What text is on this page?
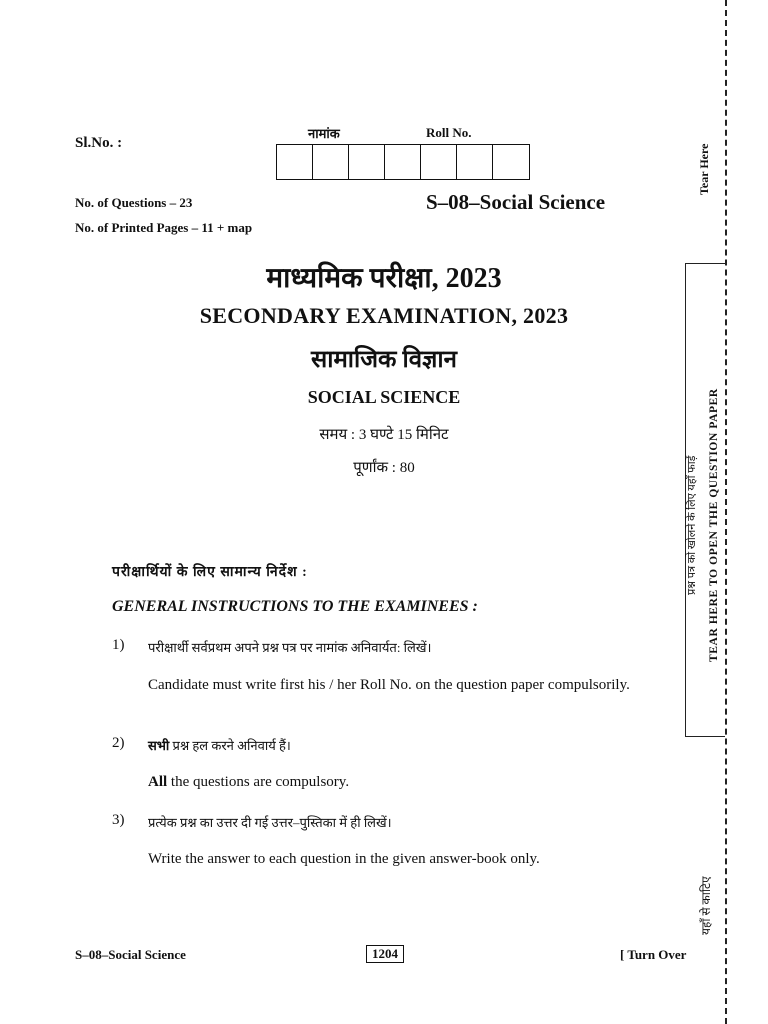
Sl.No. :
नामांक	Roll No.
No. of Questions – 23
No. of Printed Pages – 11 + map
S–08–Social Science
माध्यमिक परीक्षा, 2023
SECONDARY EXAMINATION, 2023
सामाजिक विज्ञान
SOCIAL SCIENCE
समय : 3 घण्टे 15 मिनिट
पूर्णांक : 80
परीक्षार्थियों के लिए सामान्य निर्देश :
GENERAL INSTRUCTIONS TO THE EXAMINEES :
1) परीक्षार्थी सर्वप्रथम अपने प्रश्न पत्र पर नामांक अनिवार्यत: लिखें।
Candidate must write first his / her Roll No. on the question paper compulsorily.
2) सभी प्रश्न हल करने अनिवार्य हैं।
All the questions are compulsory.
3) प्रत्येक प्रश्न का उत्तर दी गई उत्तर–पुस्तिका में ही लिखें।
Write the answer to each question in the given answer-book only.
S–08–Social Science	1204	[ Turn Over
Tear Here
TEAR HERE TO OPEN THE QUESTION PAPER
प्रश्न पत्र को खोलने के लिए यहाँ फाड़ें
यहाँ से काटिए
